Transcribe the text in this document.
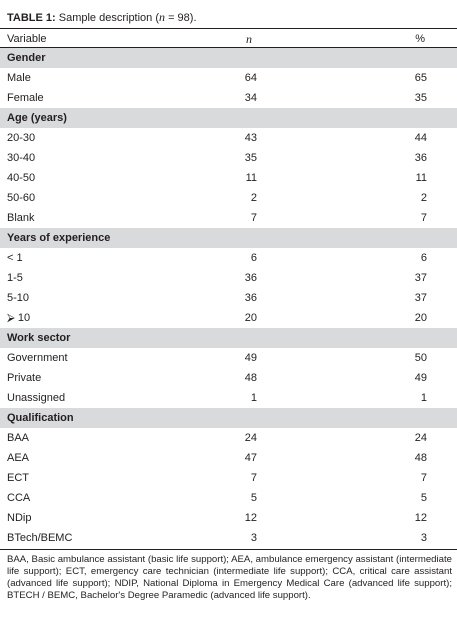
TABLE 1: Sample description (n = 98).
Variable	n	%
Gender
Male	64	65
Female	34	35
Age (years)
20-30	43	44
30-40	35	36
40-50	11	11
50-60	2	2
Blank	7	7
Years of experience
< 1	6	6
1-5	36	37
5-10	36	37
⮚ 10	20	20
Work sector
Government	49	50
Private	48	49
Unassigned	1	1
Qualification
BAA	24	24
AEA	47	48
ECT	7	7
CCA	5	5
NDip	12	12
BTech/BEMC	3	3
BAA, Basic ambulance assistant (basic life support); AEA, ambulance emergency assistant (intermediate life support); ECT, emergency care technician (intermediate life support); CCA, critical care assistant (advanced life support); NDIP, National Diploma in Emergency Medical Care (advanced life support); BTECH / BEMC, Bachelor's Degree Paramedic (advanced life support).
